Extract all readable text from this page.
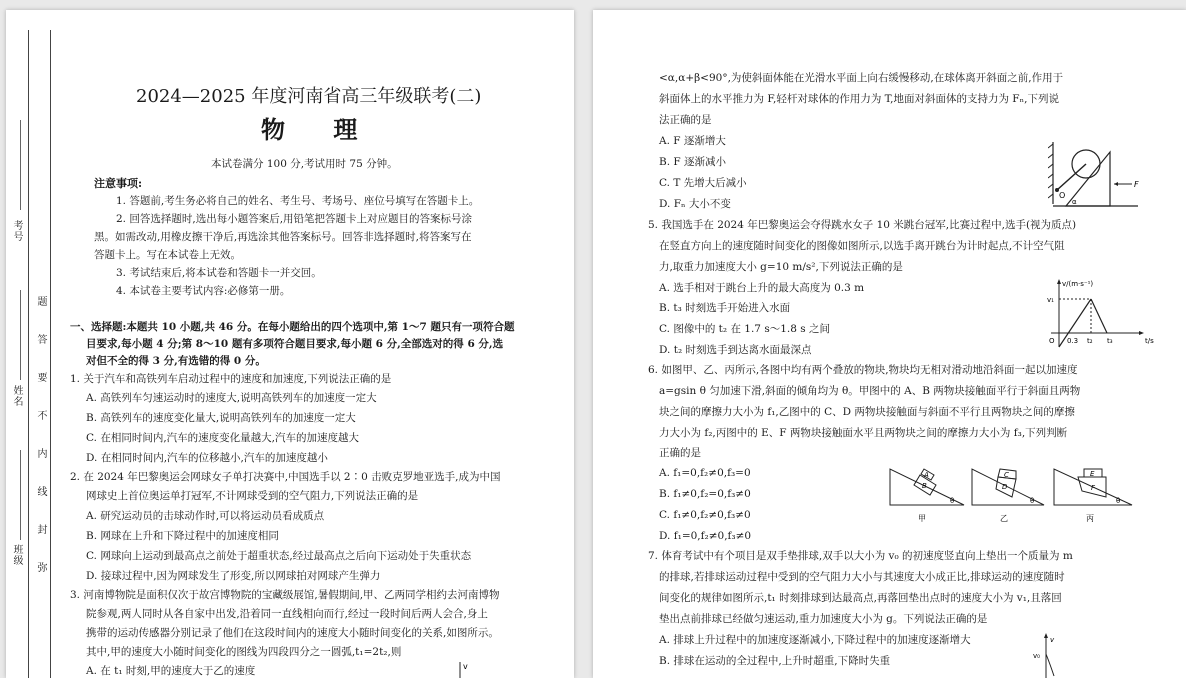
考号
姓名
班级
题
答
要
不
内
线
封
弥
2024—2025 年度河南省高三年级联考(二)
物 理
本试卷满分 100 分,考试用时 75 分钟。
注意事项:
1. 答题前,考生务必将自己的姓名、考生号、考场号、座位号填写在答题卡上。
2. 回答选择题时,选出每小题答案后,用铅笔把答题卡上对应题目的答案标号涂
黑。如需改动,用橡皮擦干净后,再选涂其他答案标号。回答非选择题时,将答案写在
答题卡上。写在本试卷上无效。
3. 考试结束后,将本试卷和答题卡一并交回。
4. 本试卷主要考试内容:必修第一册。
一、选择题:本题共 10 小题,共 46 分。在每小题给出的四个选项中,第 1～7 题只有一项符合题
目要求,每小题 4 分;第 8～10 题有多项符合题目要求,每小题 6 分,全部选对的得 6 分,选
对但不全的得 3 分,有选错的得 0 分。
1. 关于汽车和高铁列车启动过程中的速度和加速度,下列说法正确的是
A. 高铁列车匀速运动时的速度大,说明高铁列车的加速度一定大
B. 高铁列车的速度变化量大,说明高铁列车的加速度一定大
C. 在相同时间内,汽车的速度变化量越大,汽车的加速度越大
D. 在相同时间内,汽车的位移越小,汽车的加速度越小
2. 在 2024 年巴黎奥运会网球女子单打决赛中,中国选手以 2∶0 击败克罗地亚选手,成为中国
网球史上首位奥运单打冠军,不计网球受到的空气阻力,下列说法正确的是
A. 研究运动员的击球动作时,可以将运动员看成质点
B. 网球在上升和下降过程中的加速度相同
C. 网球向上运动到最高点之前处于超重状态,经过最高点之后向下运动处于失重状态
D. 接球过程中,因为网球发生了形变,所以网球拍对网球产生弹力
3. 河南博物院是面积仅次于故宫博物院的宝藏级展馆,暑假期间,甲、乙两同学相约去河南博物
院参观,两人同时从各自家中出发,沿着同一直线相向而行,经过一段时间后两人会合,身上
携带的运动传感器分别记录了他们在这段时间内的速度大小随时间变化的关系,如图所示。
其中,甲的速度大小随时间变化的图线为四段四分之一圆弧,t₁=2t₂,则
A. 在 t₁ 时刻,甲的速度大于乙的速度	v
<α,α+β<90°,为使斜面体能在光滑水平面上向右缓慢移动,在球体离开斜面之前,作用于
斜面体上的水平推力为 F,轻杆对球体的作用力为 T,地面对斜面体的支持力为 Fₙ,下列说
法正确的是
A. F 逐渐增大
B. F 逐渐减小
C. T 先增大后减小
D. Fₙ 大小不变
O
α
F
5. 我国选手在 2024 年巴黎奥运会夺得跳水女子 10 米跳台冠军,比赛过程中,选手(视为质点)
在竖直方向上的速度随时间变化的图像如图所示,以选手离开跳台为计时起点,不计空气阻
力,取重力加速度大小 g=10 m/s²,下列说法正确的是
A. 选手相对于跳台上升的最大高度为 0.3 m
B. t₃ 时刻选手开始进入水面
C. 图像中的 t₂ 在 1.7 s～1.8 s 之间
D. t₂ 时刻选手到达离水面最深点
v/(m·s⁻¹)
v₁
t/s
O 0.3 t₂ t₃
6. 如图甲、乙、丙所示,各图中均有两个叠放的物块,物块均无相对滑动地沿斜面一起以加速度
a=gsin θ 匀加速下滑,斜面的倾角均为 θ。甲图中的 A、B 两物块接触面平行于斜面且两物
块之间的摩擦力大小为 f₁,乙图中的 C、D 两物块接触面与斜面不平行且两物块之间的摩擦
力大小为 f₂,丙图中的 E、F 两物块接触面水平且两物块之间的摩擦力大小为 f₃,下列判断
正确的是
A. f₁=0,f₂≠0,f₃=0
B. f₁≠0,f₂=0,f₃≠0
C. f₁≠0,f₂≠0,f₃≠0
D. f₁=0,f₂≠0,f₃≠0
A
B
θ
甲
C
D
θ
乙
E
F
θ
丙
7. 体育考试中有个项目是双手垫排球,双手以大小为 v₀ 的初速度竖直向上垫出一个质量为 m
的排球,若排球运动过程中受到的空气阻力大小与其速度大小成正比,排球运动的速度随时
间变化的规律如图所示,t₁ 时刻排球到达最高点,再落回垫出点时的速度大小为 v₁,且落回
垫出点前排球已经做匀速运动,重力加速度大小为 g。下列说法正确的是
A. 排球上升过程中的加速度逐渐减小,下降过程中的加速度逐渐增大
B. 排球在运动的全过程中,上升时超重,下降时失重
v
v₀
